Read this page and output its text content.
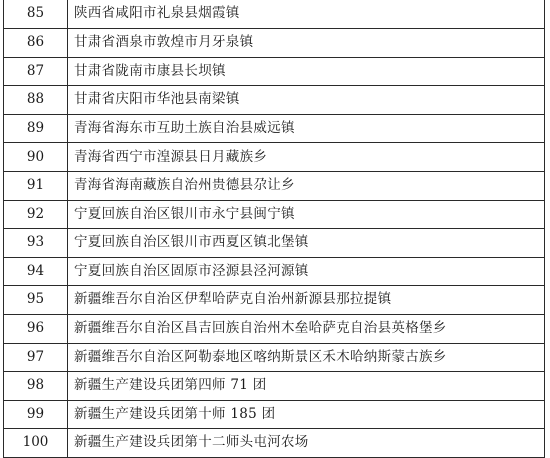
85	陕西省咸阳市礼泉县烟霞镇
86	甘肃省酒泉市敦煌市月牙泉镇
87	甘肃省陇南市康县长坝镇
88	甘肃省庆阳市华池县南梁镇
89	青海省海东市互助土族自治县威远镇
90	青海省西宁市湟源县日月藏族乡
91	青海省海南藏族自治州贵德县尕让乡
92	宁夏回族自治区银川市永宁县闽宁镇
93	宁夏回族自治区银川市西夏区镇北堡镇
94	宁夏回族自治区固原市泾源县泾河源镇
95	新疆维吾尔自治区伊犁哈萨克自治州新源县那拉提镇
96	新疆维吾尔自治区昌吉回族自治州木垒哈萨克自治县英格堡乡
97	新疆维吾尔自治区阿勒泰地区喀纳斯景区禾木哈纳斯蒙古族乡
98	新疆生产建设兵团第四师 71 团
99	新疆生产建设兵团第十师 185 团
100	新疆生产建设兵团第十二师头屯河农场
